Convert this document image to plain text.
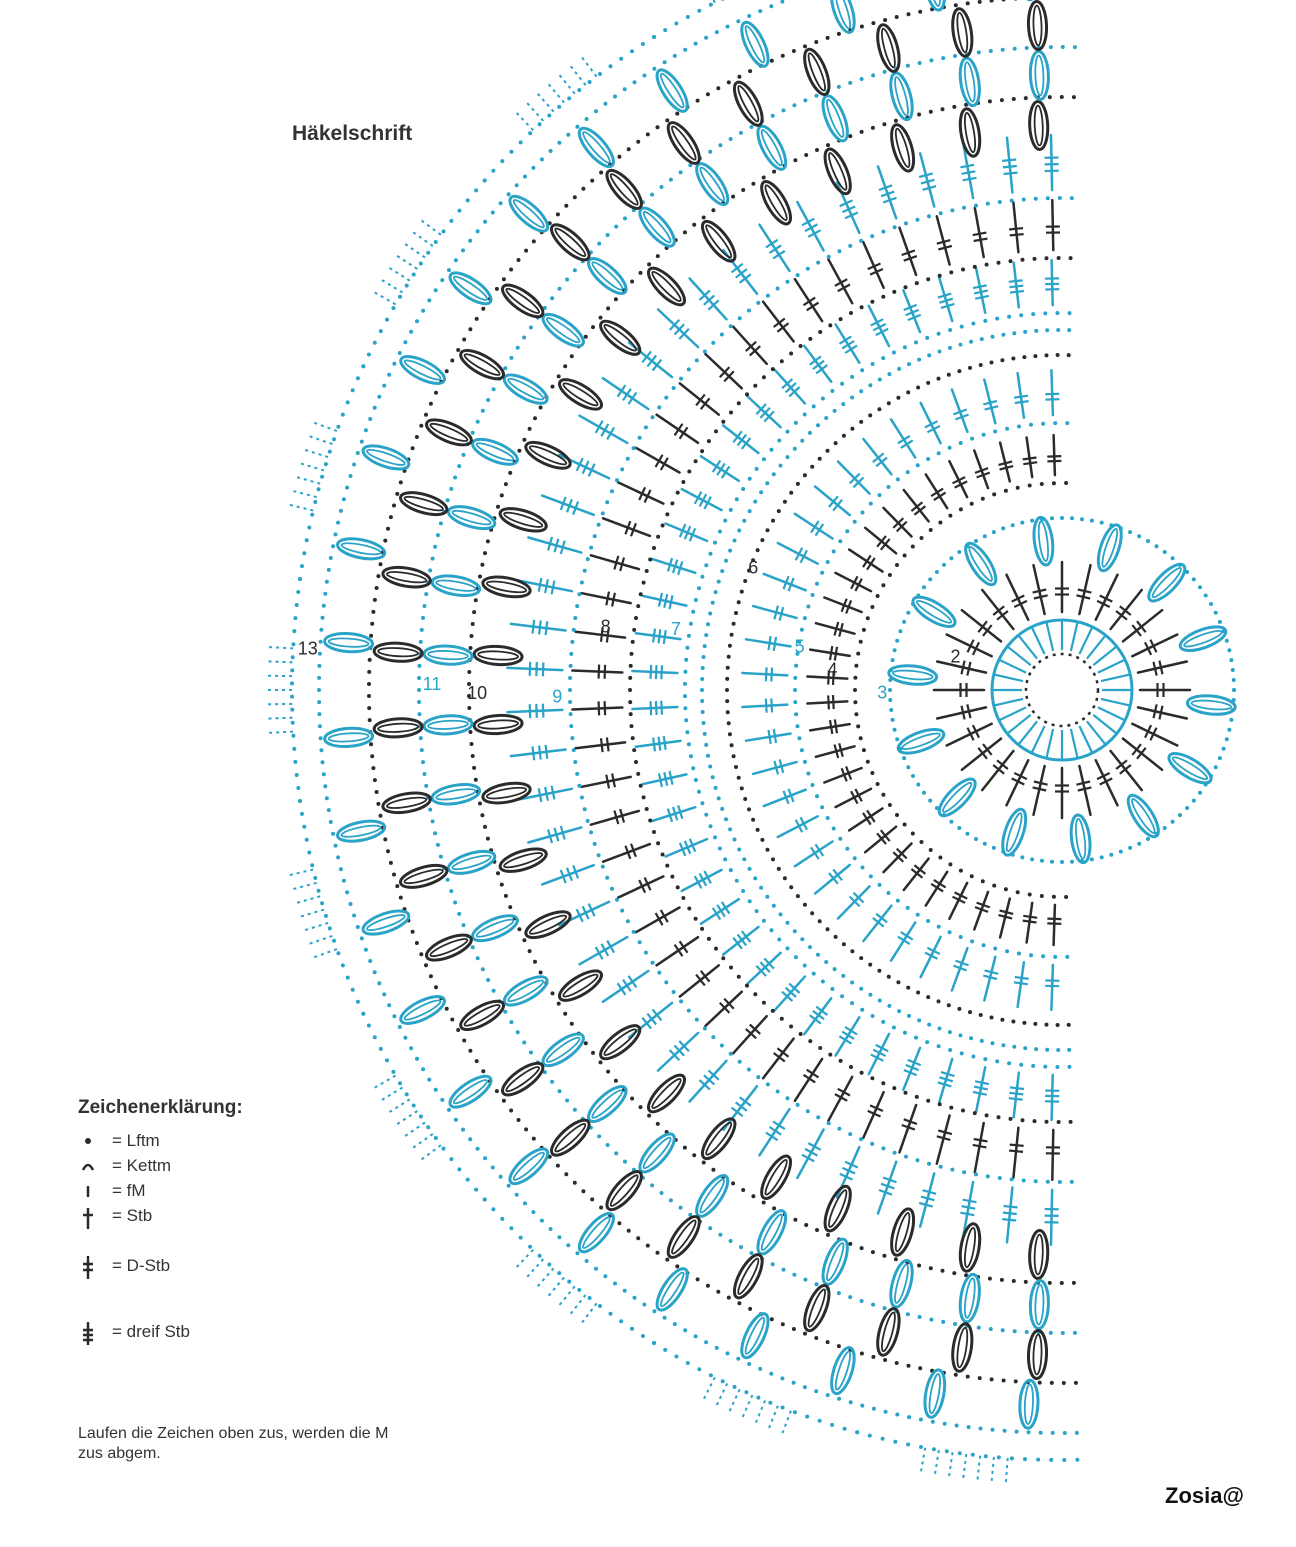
Häkelschrift
2
3
4
5
6
7
8
9
10
11
13
Zeichenerklärung:
= Lftm
= Kettm
= fM
= Stb
= D-Stb
= dreif Stb
Laufen die Zeichen oben zus, werden die M zus abgem.
Zosia@
